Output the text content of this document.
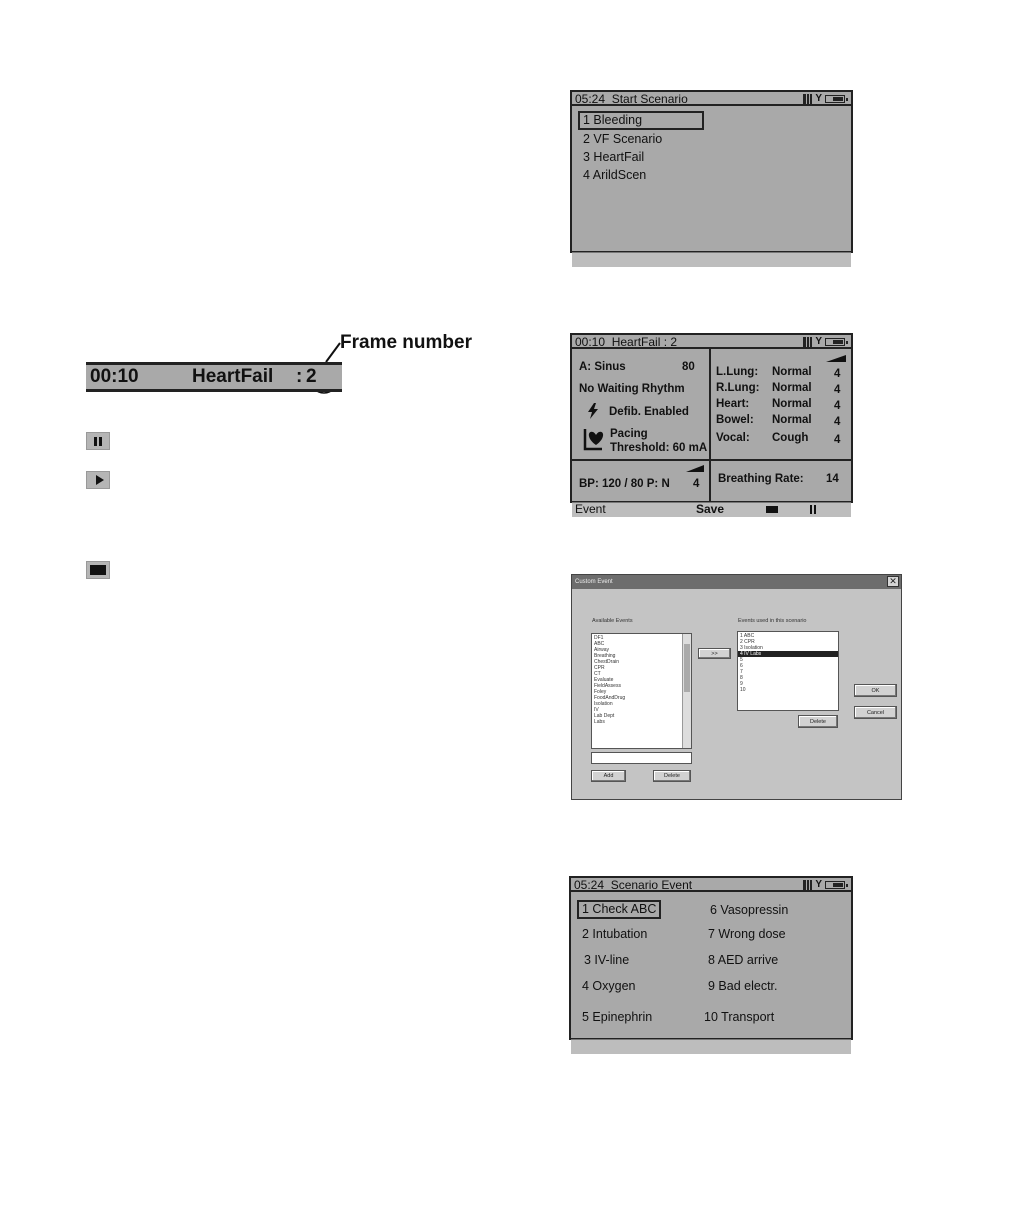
Frame number
00:10	HeartFail : 2
05:24 Start Scenario	Y
1 Bleeding
2 VF Scenario
3 HeartFail
4 ArildScen
00:10 HeartFail : 2	Y
A: Sinus	80
No Waiting Rhythm
Defib. Enabled
Pacing
Threshold: 60 mA
L.Lung: Normal 4
R.Lung: Normal 4
Heart: Normal 4
Bowel: Normal 4
Vocal: Cough 4
BP: 120 / 80 P: N 4 Breathing Rate: 14
Event	Save
Custom Event	✕
Available Events	Events used in this scenario
DF1
ABC
Airway
Breathing
ChestDrain
CPR
CT
Evaluate
FieldAssess
Foley
FoodAndDrug
Isolation
IV
Lab Dept
Labs
Add	Delete
>>
1 ABC
2 CPR
3 Isolation
4 IV Labs
5
6
7
8
9
10
Delete
OK
Cancel
05:24 Scenario Event	Y
1 Check ABC
2 Intubation
3 IV-line
4 Oxygen
5 Epinephrin
6 Vasopressin
7 Wrong dose
8 AED arrive
9 Bad electr.
10 Transport
